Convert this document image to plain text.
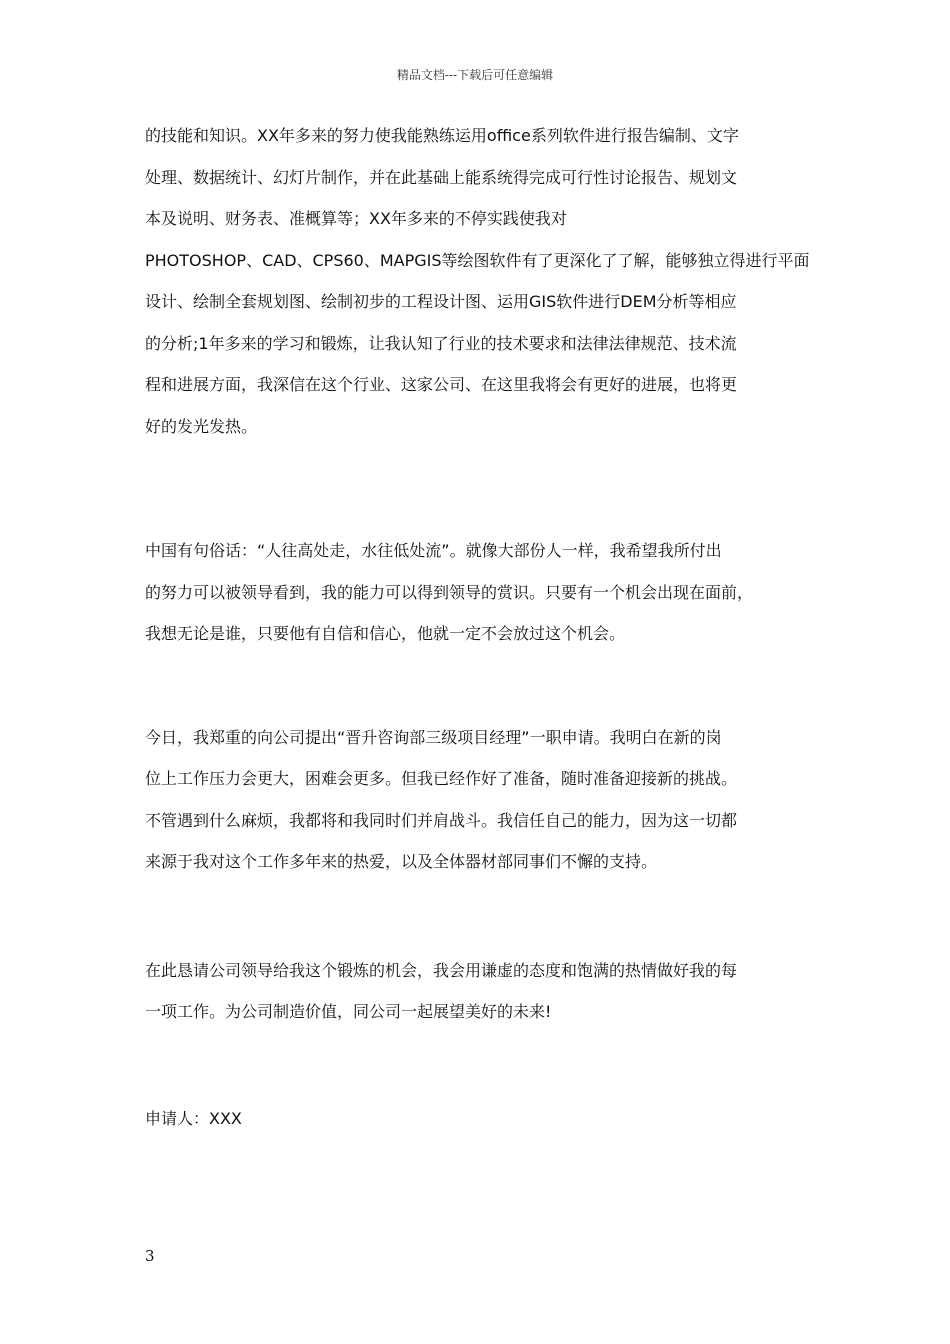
精品文档---下载后可任意编辑
的技能和知识。XX年多来的努力使我能熟练运用office系列软件进行报告编制、文字
处理、数据统计、幻灯片制作，并在此基础上能系统得完成可行性讨论报告、规划文
本及说明、财务表、准概算等；XX年多来的不停实践使我对
PHOTOSHOP、CAD、CPS60、MAPGIS等绘图软件有了更深化了了解，能够独立得进行平面
设计、绘制全套规划图、绘制初步的工程设计图、运用GIS软件进行DEM分析等相应
的分析;1年多来的学习和锻炼，让我认知了行业的技术要求和法律法律规范、技术流
程和进展方面，我深信在这个行业、这家公司、在这里我将会有更好的进展，也将更
好的发光发热。
中国有句俗话：“人往高处走，水往低处流”。就像大部份人一样，我希望我所付出
的努力可以被领导看到，我的能力可以得到领导的赏识。只要有一个机会出现在面前，
我想无论是谁，只要他有自信和信心，他就一定不会放过这个机会。
今日，我郑重的向公司提出“晋升咨询部三级项目经理”一职申请。我明白在新的岗
位上工作压力会更大，困难会更多。但我已经作好了准备，随时准备迎接新的挑战。
不管遇到什么麻烦，我都将和我同时们并肩战斗。我信任自己的能力，因为这一切都
来源于我对这个工作多年来的热爱，以及全体器材部同事们不懈的支持。
在此恳请公司领导给我这个锻炼的机会，我会用谦虚的态度和饱满的热情做好我的每
一项工作。为公司制造价值，同公司一起展望美好的未来!
申请人：XXX
3
